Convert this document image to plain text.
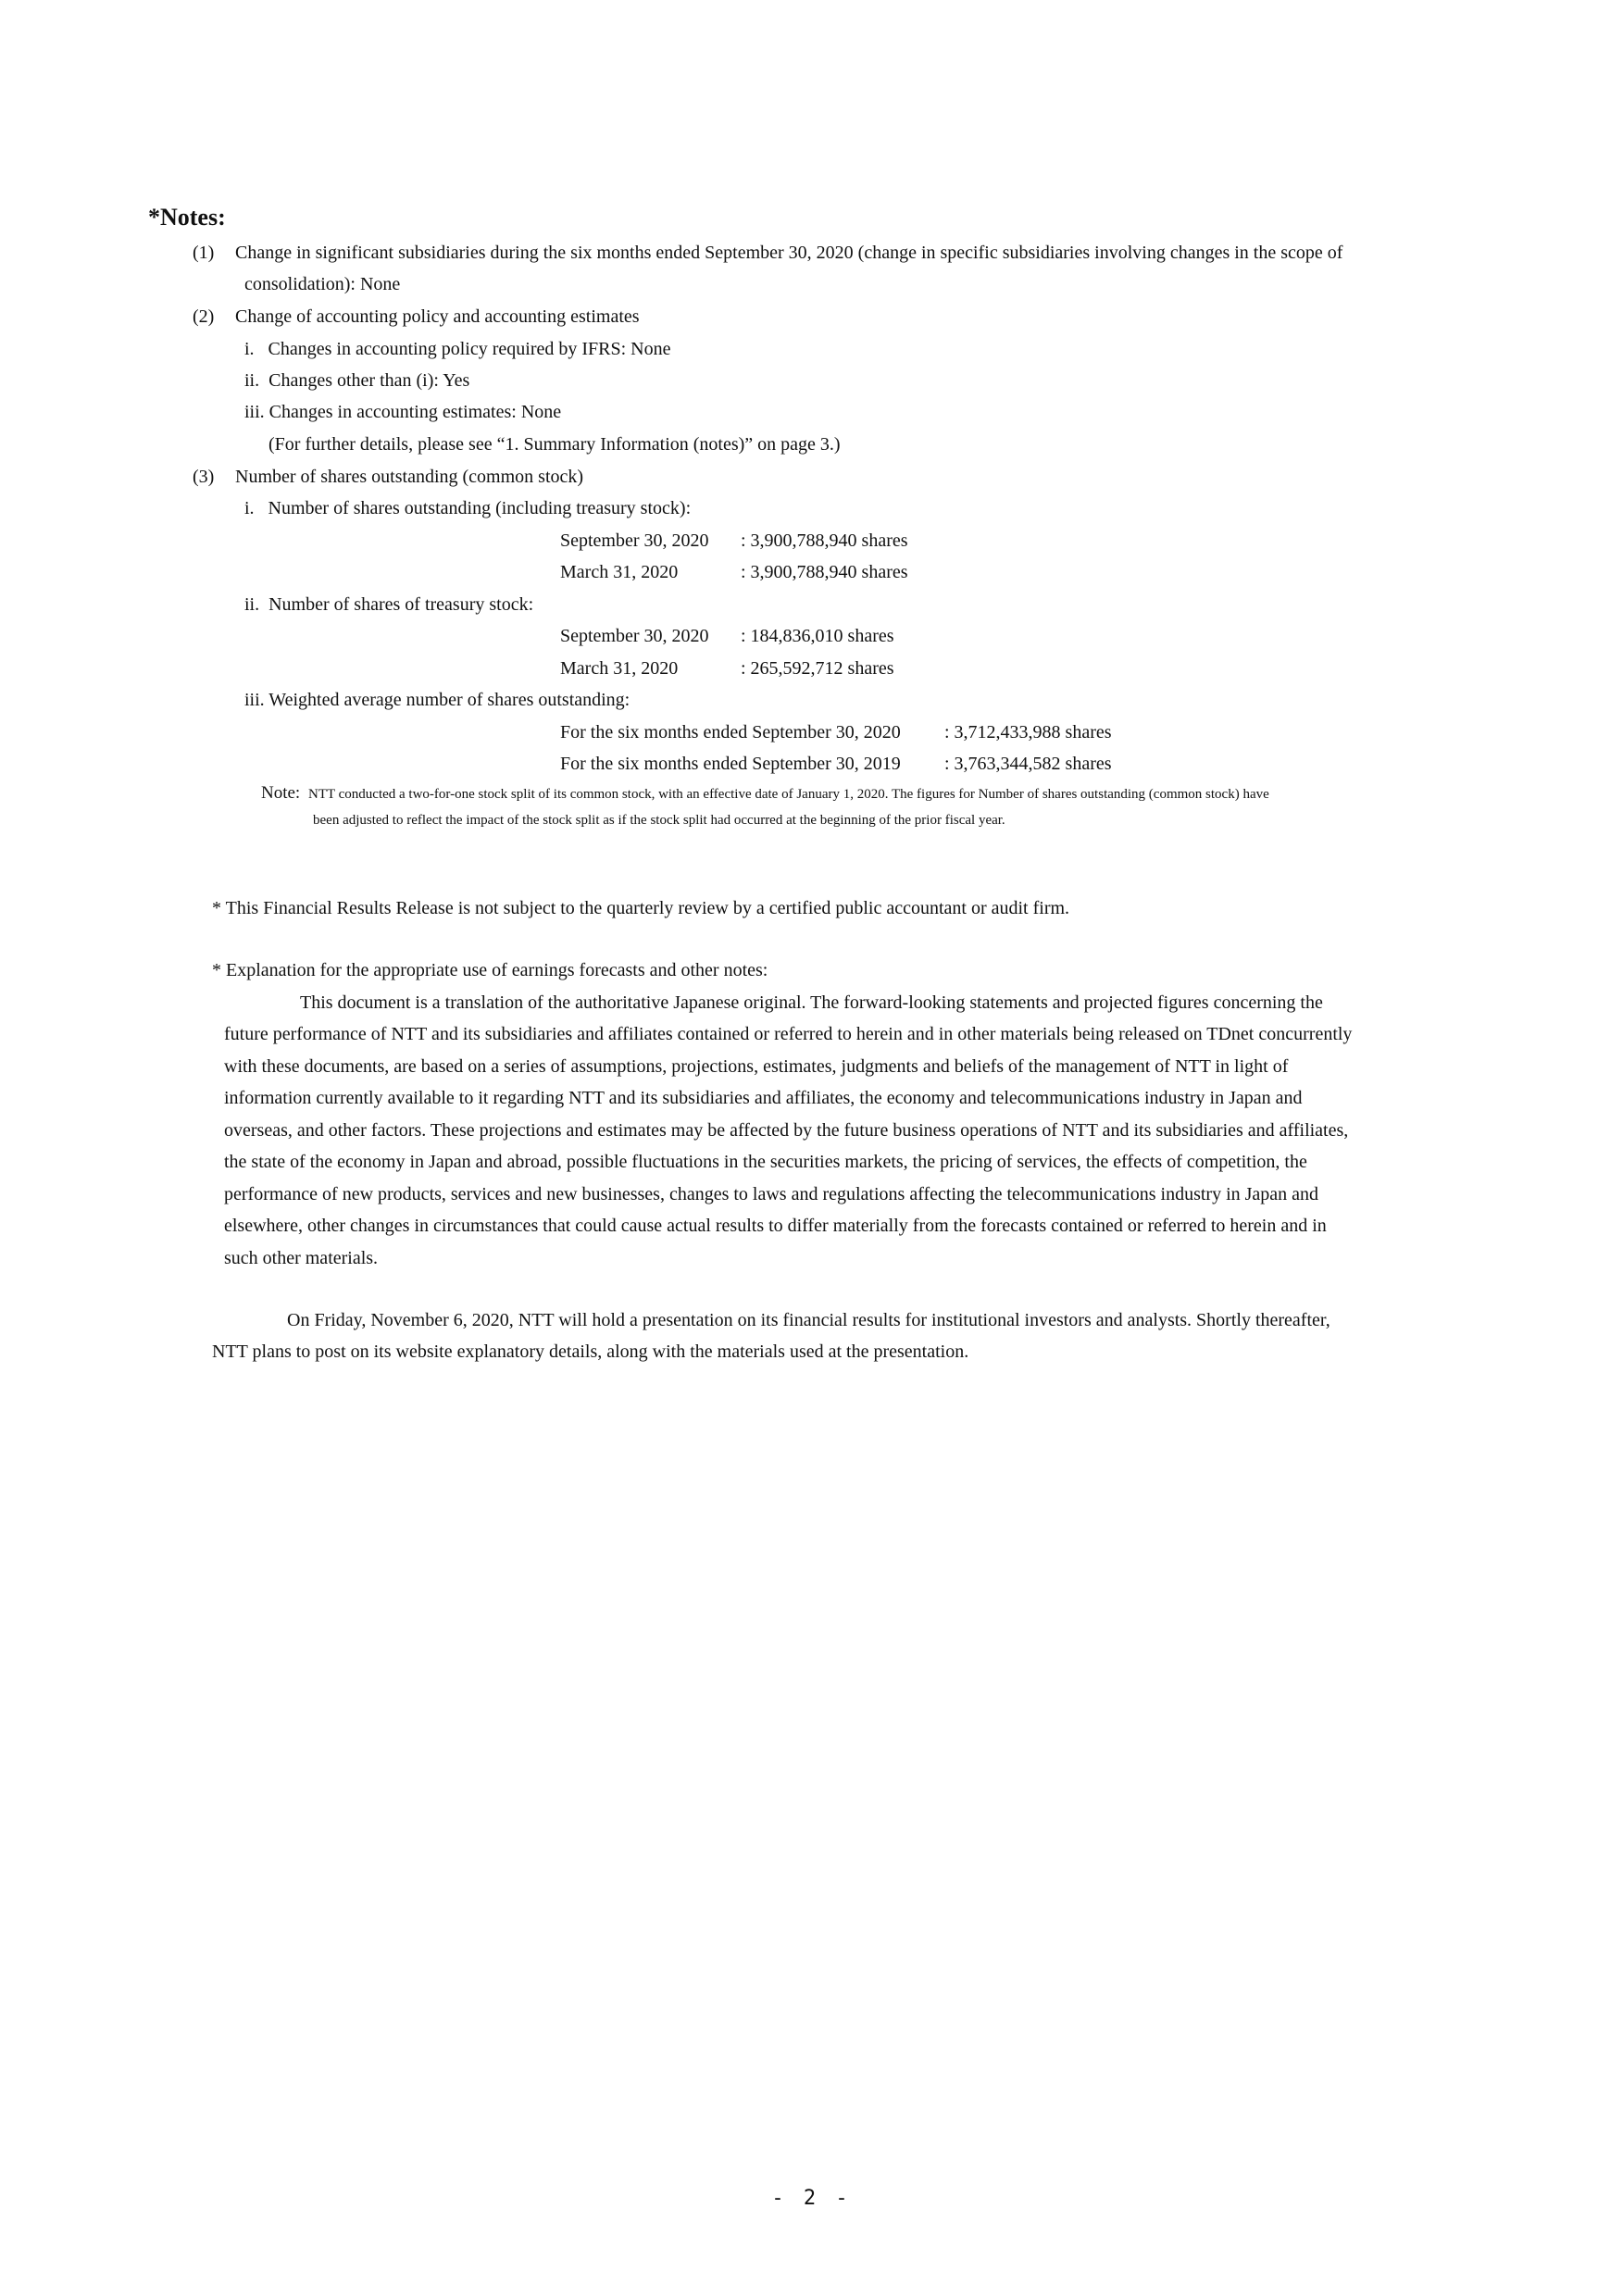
*Notes:
(1) Change in significant subsidiaries during the six months ended September 30, 2020 (change in specific subsidiaries involving changes in the scope of
consolidation): None
(2) Change of accounting policy and accounting estimates
i.   Changes in accounting policy required by IFRS: None
ii.  Changes other than (i): Yes
iii. Changes in accounting estimates: None
(For further details, please see “1. Summary Information (notes)” on page 3.)
(3) Number of shares outstanding (common stock)
i.   Number of shares outstanding (including treasury stock):
September 30, 2020 : 3,900,788,940 shares
March 31, 2020	: 3,900,788,940 shares
ii.  Number of shares of treasury stock:
September 30, 2020 : 184,836,010 shares
March 31, 2020	: 265,592,712 shares
iii. Weighted average number of shares outstanding:
For the six months ended September 30, 2020 : 3,712,433,988 shares
For the six months ended September 30, 2019 : 3,763,344,582 shares
Note: NTT conducted a two-for-one stock split of its common stock, with an effective date of January 1, 2020. The figures for Number of shares outstanding (common stock) have
been adjusted to reflect the impact of the stock split as if the stock split had occurred at the beginning of the prior fiscal year.
* This Financial Results Release is not subject to the quarterly review by a certified public accountant or audit firm.
* Explanation for the appropriate use of earnings forecasts and other notes:
This document is a translation of the authoritative Japanese original. The forward-looking statements and projected figures concerning the
future performance of NTT and its subsidiaries and affiliates contained or referred to herein and in other materials being released on TDnet concurrently
with these documents, are based on a series of assumptions, projections, estimates, judgments and beliefs of the management of NTT in light of
information currently available to it regarding NTT and its subsidiaries and affiliates, the economy and telecommunications industry in Japan and
overseas, and other factors. These projections and estimates may be affected by the future business operations of NTT and its subsidiaries and affiliates,
the state of the economy in Japan and abroad, possible fluctuations in the securities markets, the pricing of services, the effects of competition, the
performance of new products, services and new businesses, changes to laws and regulations affecting the telecommunications industry in Japan and
elsewhere, other changes in circumstances that could cause actual results to differ materially from the forecasts contained or referred to herein and in
such other materials.
On Friday, November 6, 2020, NTT will hold a presentation on its financial results for institutional investors and analysts. Shortly thereafter,
NTT plans to post on its website explanatory details, along with the materials used at the presentation.
- 2 -
